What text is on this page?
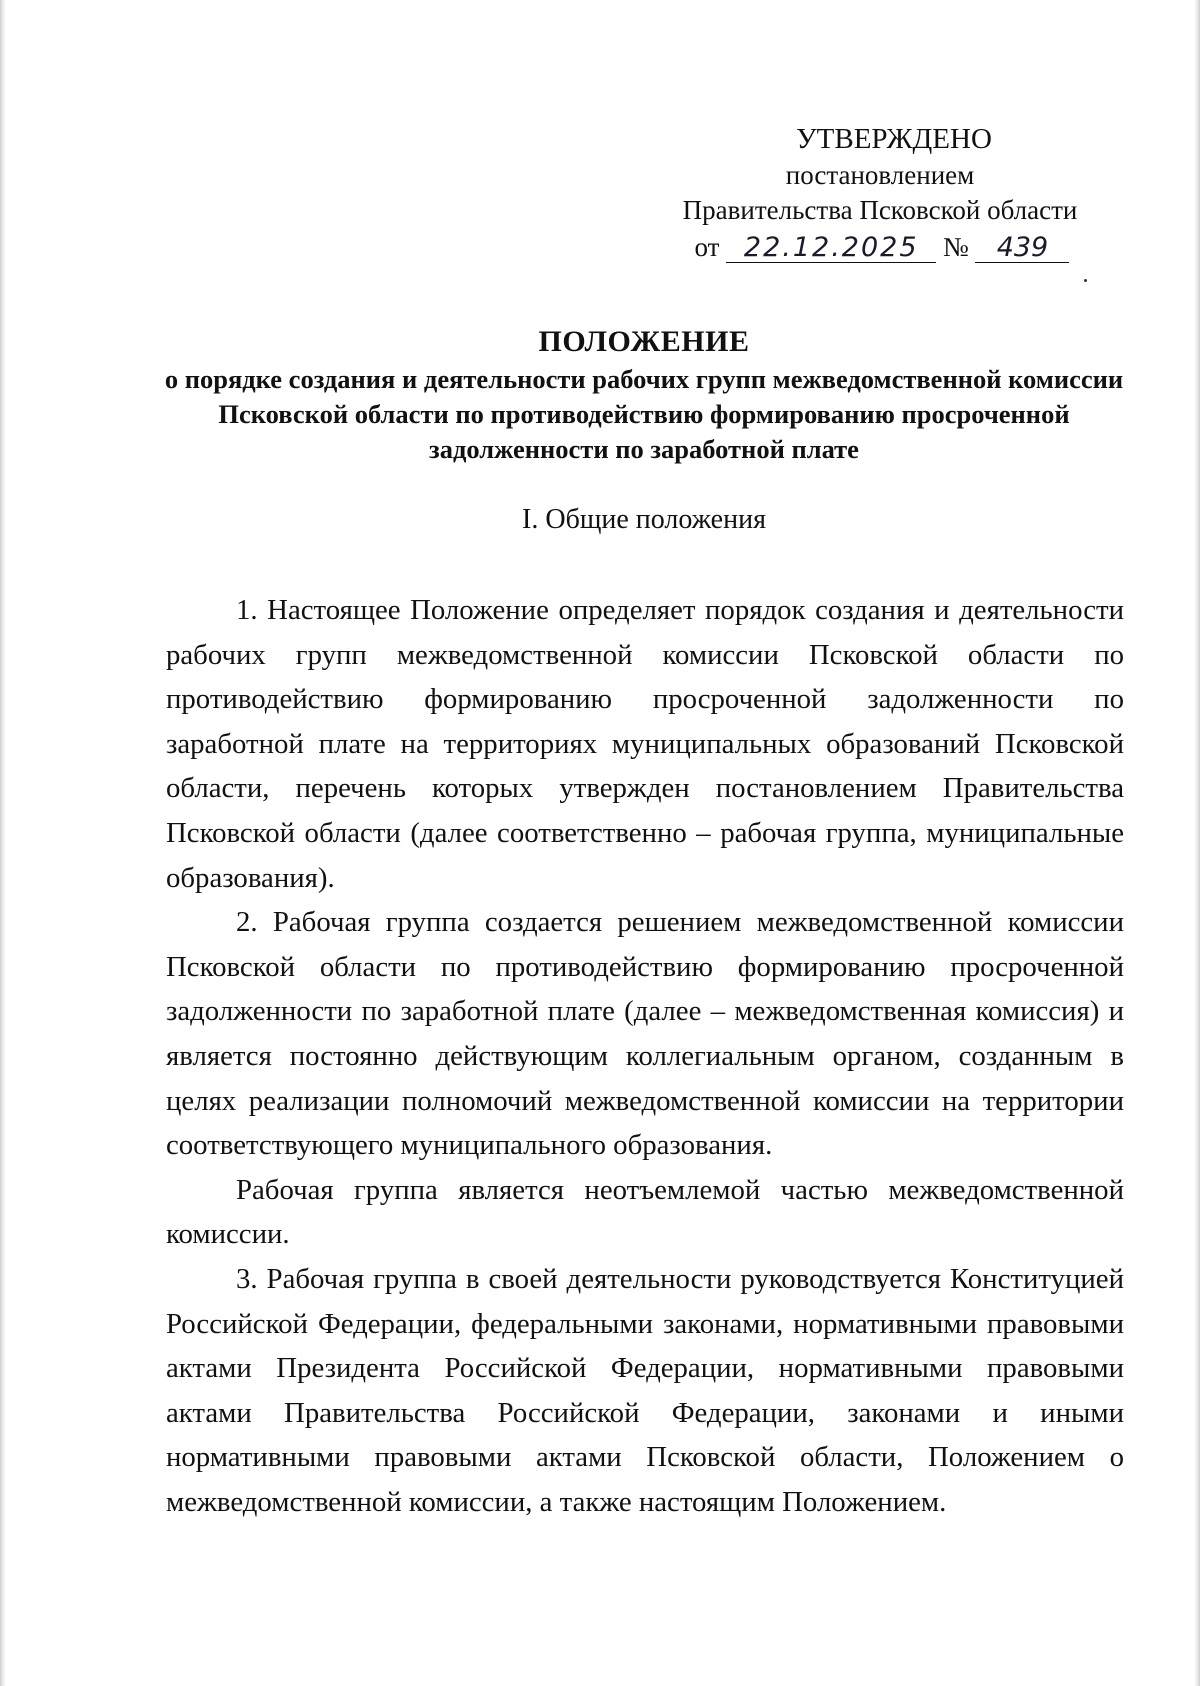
УТВЕРЖДЕНО
постановлением
Правительства Псковской области
от 22.12.2025 № 439
ПОЛОЖЕНИЕ

о порядке создания и деятельности рабочих групп межведомственной комиссии Псковской области по противодействию формированию просроченной задолженности по заработной плате

I. Общие положения

1. Настоящее Положение определяет порядок создания и деятельности рабочих групп межведомственной комиссии Псковской области по противодействию формированию просроченной задолженности по заработной плате на территориях муниципальных образований Псковской области, перечень которых утвержден постановлением Правительства Псковской области (далее соответственно – рабочая группа, муниципальные образования).

2. Рабочая группа создается решением межведомственной комиссии Псковской области по противодействию формированию просроченной задолженности по заработной плате (далее – межведомственная комиссия) и является постоянно действующим коллегиальным органом, созданным в целях реализации полномочий межведомственной комиссии на территории соответствующего муниципального образования.

Рабочая группа является неотъемлемой частью межведомственной комиссии.

3. Рабочая группа в своей деятельности руководствуется Конституцией Российской Федерации, федеральными законами, нормативными правовыми актами Президента Российской Федерации, нормативными правовыми актами Правительства Российской Федерации, законами и иными нормативными правовыми актами Псковской области, Положением о межведомственной комиссии, а также настоящим Положением.
